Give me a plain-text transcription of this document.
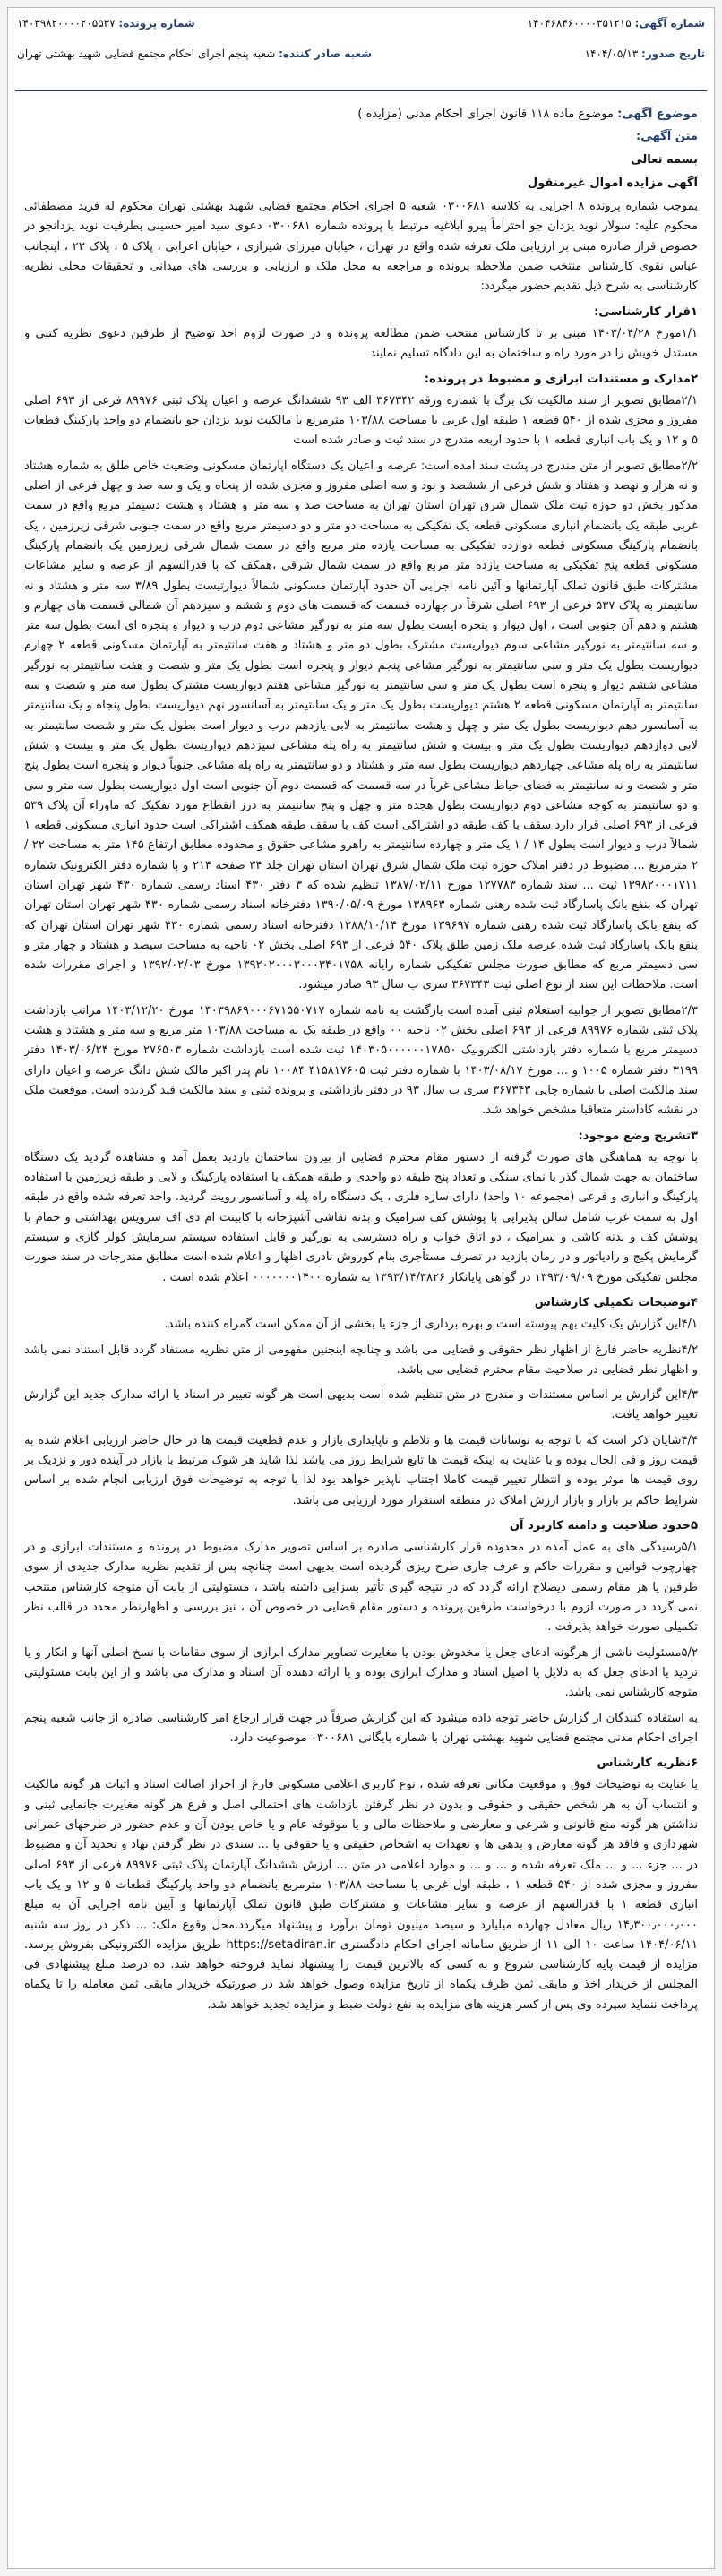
شماره آگهی: ۱۴۰۴۶۸۴۶۰۰۰۰۳۵۱۲۱۵
شماره پرونده: ۱۴۰۳۹۸۲۰۰۰۰۲۰۵۵۳۷
تاریخ صدور: ۱۴۰۴/۰۵/۱۳
شعبه صادر کننده: شعبه پنجم اجرای احکام مجتمع قضایی شهید بهشتی تهران
موضوع آگهی: موضوع ماده ۱۱۸ قانون اجرای احکام مدنی (مزایده )
متن آگهی:
بسمه تعالی
آگهی مزایده اموال غیرمنقول
بموجب شماره پرونده ۸ اجرایی به کلاسه ۰۳۰۰۶۸۱ شعبه ۵ اجرای احکام مجتمع قضایی شهید بهشتی تهران محکوم له فرید مصطفائی محکوم علیه: سولار نوید یزدان جو احتراماً پیرو ابلاغیه مرتبط با پرونده شماره ۰۳۰۰۶۸۱ دعوی سید امیر حسینی بطرفیت نوید یزدانجو در خصوص قرار صادره مبنی بر ارزیابی ملک تعرفه شده واقع در تهران ، خیابان میرزای شیرازی ، خیابان اعرابی ، پلاک ۵ ، پلاک ۲۳ ، اینجانب عباس نقوی کارشناس منتخب ضمن ملاحظه پرونده و مراجعه به محل ملک و ارزیابی و بررسی های میدانی و تحقیقات محلی نظریه کارشناسی به شرح ذیل تقدیم حضور میگردد:
۱قرار کارشناسی:
۱/۱مورخ ۱۴۰۳/۰۴/۲۸ مبنی بر تا کارشناس منتخب ضمن مطالعه پرونده و در صورت لزوم اخذ توضیح از طرفین دعوی نظریه کتبی و مستدل خویش را در مورد راه و ساختمان به این دادگاه تسلیم نمایند
۲مدارک و مستندات ابرازی و مضبوط در پرونده:
۲/۱مطابق تصویر از سند مالکیت تک برگ با شماره ورقه ۳۶۷۳۴۲ الف ۹۳ ششدانگ عرصه و اعیان پلاک ثبتی ۸۹۹۷۶ فرعی از ۶۹۳ اصلی مفروز و مجزی شده از ۵۴۰ قطعه ۱ طبقه اول غربی با مساحت ۱۰۳/۸۸ مترمربع با مالکیت نوید یزدان جو بانضمام دو واحد پارکینگ قطعات ۵ و ۱۲ و یک باب انباری قطعه ۱ با حدود اربعه مندرج در سند ثبت و صادر شده است
۲/۲مطابق تصویر از متن مندرج در پشت سند آمده است: عرصه و اعیان یک دستگاه آپارتمان مسکونی وضعیت خاص طلق به شماره هشتاد و نه هزار و نهصد و هفتاد و شش فرعی از ششصد و نود و سه اصلی مفروز و مجزی شده از پنجاه و یک و سه صد و چهل فرعی از اصلی مذکور بخش دو حوزه ثبت ملک شمال شرق تهران استان تهران به مساحت صد و سه متر و هشتاد و هشت دسیمتر مربع واقع در سمت غربی طبقه یک بانضمام انباری مسکونی قطعه یک تفکیکی به مساحت دو متر و دو دسیمتر مربع واقع در سمت جنوبی شرقی زیرزمین ، یک بانضمام پارکینگ مسکونی قطعه دوازده تفکیکی به مساحت یازده متر مربع واقع در سمت شمال شرقی زیرزمین یک بانضمام پارکینگ مسکونی قطعه پنج تفکیکی به مساحت یازده متر مربع واقع در سمت شمال شرقی ،همکف که با قدرالسهم از عرصه و سایر مشاعات مشترکات طبق قانون تملک آپارتمانها و آئین نامه اجرایی آن حدود آپارتمان مسکونی شمالاً دیوارتیست بطول ۳/۸۹ سه متر و هشتاد و نه سانتیمتر به پلاک ۵۳۷ فرعی از ۶۹۳ اصلی شرقاً در چهارده قسمت که قسمت های دوم و ششم و سیزدهم آن شمالی قسمت های چهارم و هشتم و دهم آن جنوبی است ، اول دیوار و پنجره ایست بطول سه متر به نورگیر مشاعی دوم درب و دیوار و پنجره ای است بطول سه متر و سه سانتیمتر به نورگیر مشاعی سوم دیواریست مشترک بطول دو متر و هشتاد و هفت سانتیمتر به آپارتمان مسکونی قطعه ۲ چهارم دیواریست بطول یک متر و سی سانتیمتر به نورگیر مشاعی پنجم دیوار و پنجره است بطول یک متر و شصت و هفت سانتیمتر به نورگیر مشاعی ششم دیوار و پنجره است بطول یک متر و سی سانتیمتر به نورگیر مشاعی هفتم دیواریست مشترک بطول سه متر و شصت و سه سانتیمتر به آپارتمان مسکونی قطعه ۲ هشتم دیواریست بطول یک متر و یک سانتیمتر به آسانسور نهم دیواریست بطول پنجاه و یک سانتیمتر به آسانسور دهم دیواریست بطول یک متر و چهل و هشت سانتیمتر به لابی یازدهم درب و دیوار است بطول یک متر و شصت سانتیمتر به لابی دوازدهم دیواریست بطول یک متر و بیست و شش سانتیمتر به راه پله مشاعی سیزدهم دیواریست بطول یک متر و بیست و شش سانتیمتر به راه پله مشاعی چهاردهم دیواریست بطول سه متر و هشتاد و دو سانتیمتر به راه پله مشاعی جنوباً دیوار و پنجره است بطول پنج متر و شصت و نه سانتیمتر به فضای حیاط مشاعی غرباً در سه قسمت که قسمت دوم آن جنوبی است اول دیواریست بطول سه متر و سی و دو سانتیمتر به کوچه مشاعی دوم دیواریست بطول هجده متر و چهل و پنج سانتیمتر به درز انقطاع مورد تفکیک که ماوراء آن پلاک ۵۳۹ فرعی از ۶۹۳ اصلی قرار دارد سقف با کف طبقه دو اشتراکی است کف با سقف طبقه همکف اشتراکی است حدود انباری مسکونی قطعه ۱ شمالاً درب و دیوار است بطول ۱۴ / ۱ یک متر و چهارده سانتیمتر به راهرو مشاعی حقوق و محدوده مطابق ارتفاع ۱۴۵ متر به مساحت ۲۲ / ۲ مترمربع ... مضبوط در دفتر املاک حوزه ثبت ملک شمال شرق تهران استان تهران جلد ۳۴ صفحه ۲۱۴ و با شماره دفتر الکترونیک شماره ۱۳۹۸۲۰۰۰۱۷۱۱ ثبت ... سند شماره ۱۲۷۷۸۳ مورخ ۱۳۸۷/۰۲/۱۱ تنظیم شده که ۳ دفتر ۴۳۰ اسناد رسمی شماره ۴۳۰ شهر تهران استان تهران که بنفع بانک پاسارگاد ثبت شده رهنی شماره ۱۳۸۹۶۳ مورخ ۱۳۹۰/۰۵/۰۹ دفترخانه اسناد رسمی شماره ۴۳۰ شهر تهران استان تهران که بنفع بانک پاسارگاد ثبت شده رهنی شماره ۱۳۹۶۹۷ مورخ ۱۳۸۸/۱۰/۱۴ دفترخانه اسناد رسمی شماره ۴۳۰ شهر تهران استان تهران که بنفع بانک پاسارگاد ثبت شده عرصه ملک زمین طلق پلاک ۵۴۰ فرعی از ۶۹۳ اصلی بخش ۰۲ ناحیه به مساحت سیصد و هشتاد و چهار متر و سی دسیمتر مربع که مطابق صورت مجلس تفکیکی شماره رایانه ۱۳۹۲۰۲۰۰۰۳۰۰۰۳۴۰۱۷۵۸ مورخ ۱۳۹۲/۰۲/۰۳ و اجرای مقررات شده است. ملاحظات این سند از نوع اصلی ثبت ۳۶۷۳۴۳ سری ب سال ۹۳ صادر میشود.
۲/۳مطابق تصویر از جوابیه استعلام ثبتی آمده است بازگشت به نامه شماره ۱۴۰۳۹۸۶۹۰۰۰۶۷۱۵۵۰۷۱۷ مورخ ۱۴۰۳/۱۲/۲۰ مراتب بازداشت پلاک ثبتی شماره ۸۹۹۷۶ فرعی از ۶۹۳ اصلی بخش ۰۲ ناحیه ۰۰ واقع در طبقه یک به مساحت ۱۰۳/۸۸ متر مربع و سه متر و هشتاد و هشت دسیمتر مربع با شماره دفتر بازداشتی الکترونیک ۱۴۰۳۰۵۰۰۰۰۰۰۱۷۸۵۰ ثبت شده است بازداشت شماره ۲۷۶۵۰۳ مورخ ۱۴۰۳/۰۶/۲۴ دفتر ۳۱۹۹ دفتر شماره ۱۰۰۵ و ... مورخ ۱۴۰۳/۰۸/۱۷ با شماره دفتر ثبت ۴۱۵۸۱۷۶۰۵ ۱۰۰۸۴ نام پدر اکبر مالک شش دانگ عرصه و اعیان دارای سند مالکیت اصلی با شماره چاپی ۳۶۷۳۴۳ سری ب سال ۹۳ در دفتر بازداشتی و پرونده ثبتی و سند مالکیت قید گردیده است. موقعیت ملک در نقشه کاداستر متعاقبا مشخص خواهد شد.
۳تشریح وضع موجود:
با توجه به هماهنگی های صورت گرفته از دستور مقام محترم قضایی از بیرون ساختمان بازدید بعمل آمد و مشاهده گردید یک دستگاه ساختمان به جهت شمال گذر با نمای سنگی و تعداد پنج طبقه دو واحدی و طبقه همکف با استفاده پارکینگ و لابی و طبقه زیرزمین با استفاده پارکینگ و انباری و فرعی (مجموعه ۱۰ واحد) دارای سازه فلزی ، یک دستگاه راه پله و آسانسور رویت گردید. واحد تعرفه شده واقع در طبقه اول به سمت غرب شامل سالن پذیرایی با پوشش کف سرامیک و بدنه نقاشی آشپزخانه با کابینت ام دی اف سرویس بهداشتی و حمام با پوشش کف و بدنه کاشی و سرامیک ، دو اتاق خواب و راه دسترسی به نورگیر و قابل استفاده سیستم سرمایش کولر گازی و سیستم گرمایش پکیج و رادیاتور و در زمان بازدید در تصرف مستأجری بنام کوروش نادری اظهار و اعلام شده است مطابق مندرجات در سند صورت مجلس تفکیکی مورخ ۱۳۹۳/۰۹/۰۹ در گواهی پایانکار ۱۳۹۳/۱۴/۳۸۲۶ به شماره ۰۰۰۰۰۰۰۱۴۰۰ اعلام شده است .
۴توضیحات تکمیلی کارشناس
۴/۱این گزارش یک کلیت بهم پیوسته است و بهره برداری از جزء یا بخشی از آن ممکن است گمراه کننده باشد.
۴/۲نظریه حاضر فارغ از اظهار نظر حقوقی و قضایی می باشد و چنانچه اینجنین مفهومی از متن نظریه مستفاد گردد قابل استناد نمی باشد و اظهار نظر قضایی در صلاحیت مقام محترم قضایی می باشد.
۴/۳این گزارش بر اساس مستندات و مندرج در متن تنظیم شده است بدیهی است هر گونه تغییر در اسناد یا ارائه مدارک جدید این گزارش تغییر خواهد یافت.
۴/۴شایان ذکر است که با توجه به نوسانات قیمت ها و تلاطم و ناپایداری بازار و عدم قطعیت قیمت ها در حال حاضر ارزیابی اعلام شده به قیمت روز و فی الحال بوده و با عنایت به اینکه قیمت ها تابع شرایط روز می باشد لذا شاید هر شوک مرتبط با بازار در آینده دور و نزدیک بر روی قیمت ها موثر بوده و انتظار تغییر قیمت کاملا اجتناب ناپذیر خواهد بود لذا با توجه به توضیحات فوق ارزیابی انجام شده بر اساس شرایط حاکم بر بازار و بازار ارزش املاک در منطقه استقرار مورد ارزیابی می باشد.
۵حدود صلاحیت و دامنه کاربرد آن
۵/۱رسیدگی های به عمل آمده در محدوده قرار کارشناسی صادره بر اساس تصویر مدارک مضبوط در پرونده و مستندات ابرازی و در چهارچوب قوانین و مقررات حاکم و عرف جاری طرح ریزی گردیده است بدیهی است چنانچه پس از تقدیم نظریه مدارک جدیدی از سوی طرفین یا هر مقام رسمی ذیصلاح ارائه گردد که در نتیجه گیری تأثیر بسزایی داشته باشد ، مسئولیتی از بابت آن متوجه کارشناس منتخب نمی گردد در صورت لزوم با درخواست طرفین پرونده و دستور مقام قضایی در خصوص آن ، نیز بررسی و اظهارنظر مجدد در قالب نظر تکمیلی صورت خواهد پذیرفت .
۵/۲مسئولیت ناشی از هرگونه ادعای جعل یا مخدوش بودن یا مغایرت تصاویر مدارک ابرازی از سوی مقامات با نسخ اصلی آنها و انکار و یا تردید یا ادعای جعل که به دلایل یا اصیل اسناد و مدارک ابرازی بوده و یا ارائه دهنده آن اسناد و مدارک می باشد و از این بابت مسئولیتی متوجه کارشناس نمی باشد.
به استفاده کنندگان از گزارش حاضر توجه داده میشود که این گزارش صرفاً در جهت قرار ارجاع امر کارشناسی صادره از جانب شعبه پنجم اجرای احکام مدنی مجتمع قضایی شهید بهشتی تهران با شماره بایگانی ۰۳۰۰۶۸۱ موضوعیت دارد.
۶نظریه کارشناس
با عنایت به توضیحات فوق و موقعیت مکانی تعرفه شده ، نوع کاربری اعلامی مسکونی فارغ از احراز اصالت اسناد و اثبات هر گونه مالکیت و انتساب آن به هر شخص حقیقی و حقوقی و بدون در نظر گرفتن بازداشت های احتمالی اصل و فرع هر گونه مغایرت جانمایی ثبتی و نداشتن هر گونه منع قانونی و شرعی و معارضی و ملاحظات مالی و یا موقوفه عام و یا خاص بودن آن و عدم حضور در طرحهای عمرانی شهرداری و فاقد هر گونه معارض و بدهی ها و تعهدات به اشخاص حقیقی و یا حقوقی یا ... سندی در نظر گرفتن نهاد و تحدید آن و مضبوط در ... جزء ... و ... ملک تعرفه شده و ... و ... و موارد اعلامی در متن ... ارزش ششدانگ آپارتمان پلاک ثبتی ۸۹۹۷۶ فرعی از ۶۹۳ اصلی مفروز و مجزی شده از ۵۴۰ قطعه ۱ ، طبقه اول غربی با مساحت ۱۰۳/۸۸ مترمربع بانضمام دو واحد پارکینگ قطعات ۵ و ۱۲ و یک باب انباری قطعه ۱ با قدرالسهم از عرصه و سایر مشاعات و مشترکات طبق قانون تملک آپارتمانها و آیین نامه اجرایی آن به مبلغ ۱۴٫۳۰۰٫۰۰۰٫۰۰۰ ریال معادل چهارده میلیارد و سیصد میلیون تومان برآورد و پیشنهاد میگردد.محل وقوع ملک: ... ذکر در روز سه شنبه ۱۴۰۴/۰۶/۱۱ ساعت ۱۰ الی ۱۱ از طریق سامانه اجرای احکام دادگستری https://setadiran.ir طریق مزایده الکترونیکی بفروش برسد. مزایده از قیمت پایه کارشناسی شروع و به کسی که بالاترین قیمت را پیشنهاد نماید فروخته خواهد شد. ده درصد مبلغ پیشنهادی فی المجلس از خریدار اخذ و مابقی ثمن ظرف یکماه از تاریخ مزایده وصول خواهد شد در صورتیکه خریدار مابقی ثمن معامله را تا یکماه پرداخت ننماید سپرده وی پس از کسر هزینه های مزایده به نفع دولت ضبط و مزایده تجدید خواهد شد.
